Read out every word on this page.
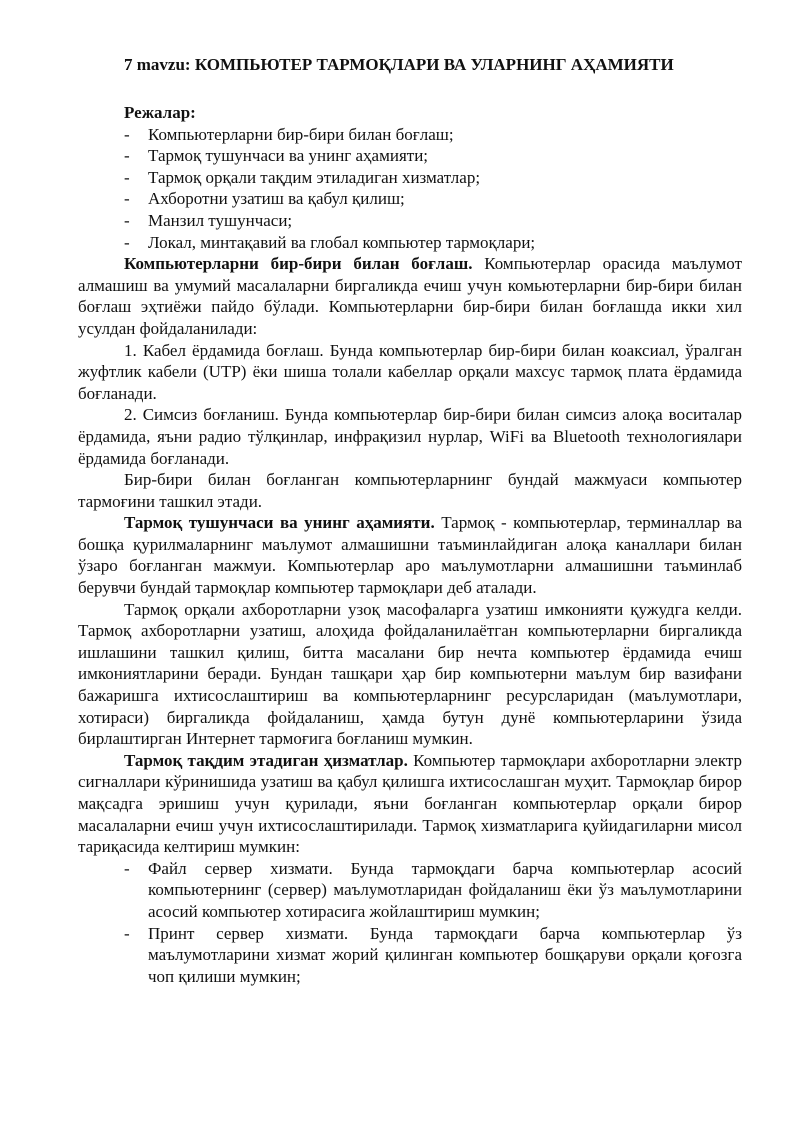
7 mavzu: КОМПЬЮТЕР ТАРМОҚЛАРИ ВА УЛАРНИНГ АҲАМИЯТИ
Режалар:
- Компьютерларни бир-бири билан боғлаш;
- Тармоқ тушунчаси ва унинг аҳамияти;
- Тармоқ орқали тақдим этиладиган хизматлар;
- Ахборотни узатиш ва қабул қилиш;
- Манзил тушунчаси;
- Локал, минтақавий ва глобал компьютер тармоқлари;

Компьютерларни бир-бири билан боғлаш. Компьютерлар орасида маълумот алмашиш ва умумий масалаларни биргаликда ечиш учун комьютерларни бир-бири билан боғлаш эҳтиёжи пайдо бўлади. Компьютерларни бир-бири билан боғлашда икки хил усулдан фойдаланилади:

1. Кабел ёрдамида боғлаш. Бунда компьютерлар бир-бири билан коаксиал, ўралган жуфтлик кабели (UTP) ёки шиша толали кабеллар орқали махсус тармоқ плата ёрдамида боғланади.

2. Симсиз боғланиш. Бунда компьютерлар бир-бири билан симсиз алоқа воситалар ёрдамида, яъни радио тўлқинлар, инфрақизил нурлар, WiFi ва Bluetooth технологиялари ёрдамида боғланади.

Бир-бири билан боғланган компьютерларнинг бундай мажмуаси компьютер тармоғини ташкил этади.

Тармоқ тушунчаси ва унинг аҳамияти. Тармоқ - компьютерлар, терминаллар ва бошқа қурилмаларнинг маълумот алмашишни таъминлайдиган алоқа каналлари билан ўзаро боғланган мажмуи. Компьютерлар аро маълумотларни алмашишни таъминлаб берувчи бундай тармоқлар компьютер тармоқлари деб аталади.

Тармоқ орқали ахборотларни узоқ масофаларга узатиш имконияти қужудга келди. Тармоқ ахборотларни узатиш, алоҳида фойдаланилаётган компьютерларни биргаликда ишлашини ташкил қилиш, битта масалани бир нечта компьютер ёрдамида ечиш имкониятларини беради. Бундан ташқари ҳар бир компьютерни маълум бир вазифани бажаришга ихтисослаштириш ва компьютерларнинг ресурсларидан (маълумотлари, хотираси) биргаликда фойдаланиш, ҳамда бутун дунё компьютерларини ўзида бирлаштирган Интернет тармоғига боғланиш мумкин.

Тармоқ тақдим этадиган ҳизматлар. Компьютер тармоқлари ахборотларни электр сигналлари кўринишида узатиш ва қабул қилишга ихтисослашган муҳит. Тармоқлар бирор мақсадга эришиш учун қурилади, яъни боғланган компьютерлар орқали бирор масалаларни ечиш учун ихтисослаштирилади. Тармоқ хизматларига қуйидагиларни мисол тариқасида келтириш мумкин:

- Файл сервер хизмати. Бунда тармоқдаги барча компьютерлар асосий компьютернинг (сервер) маълумотларидан фойдаланиш ёки ўз маълумотларини асосий компьютер хотирасига жойлаштириш мумкин;
- Принт сервер хизмати. Бунда тармоқдаги барча компьютерлар ўз маълумотларини хизмат жорий қилинган компьютер бошқаруви орқали қоғозга чоп қилиши мумкин;
